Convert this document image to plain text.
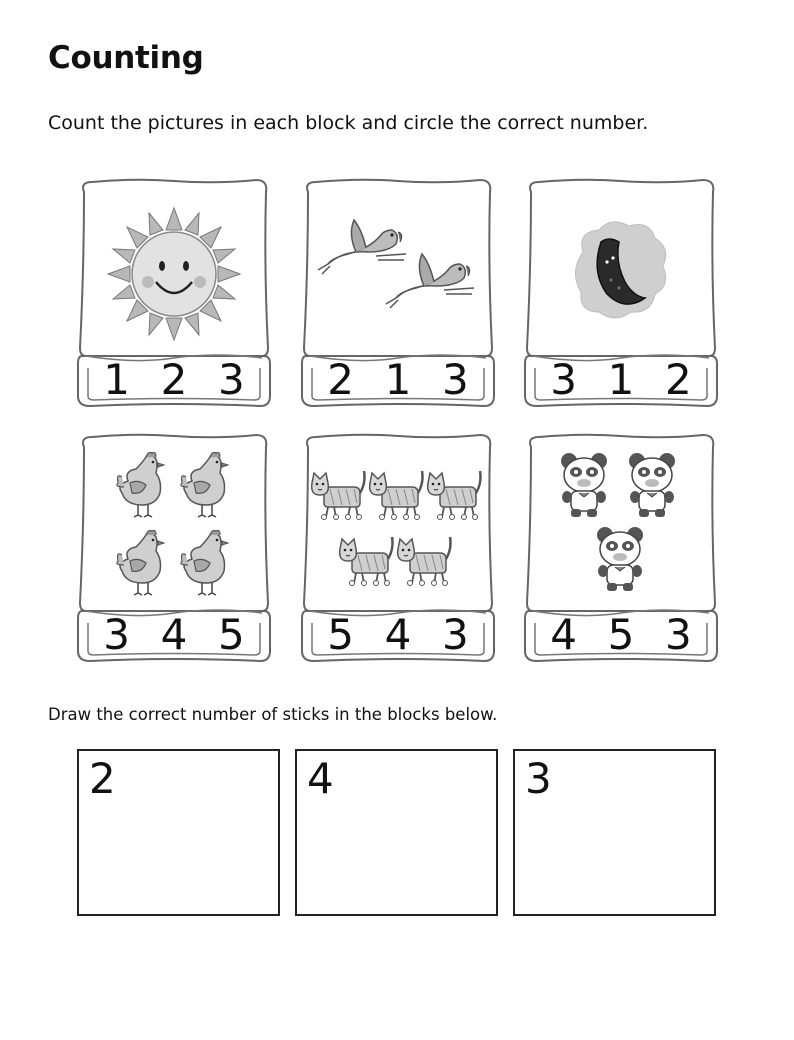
Counting
Count the pictures in each block and circle the correct number.
1 2 3 2 1 3 3 1 2
3 4 5 5 4 3 4 5 3
Draw the correct number of sticks in the blocks below.
2	4	3
